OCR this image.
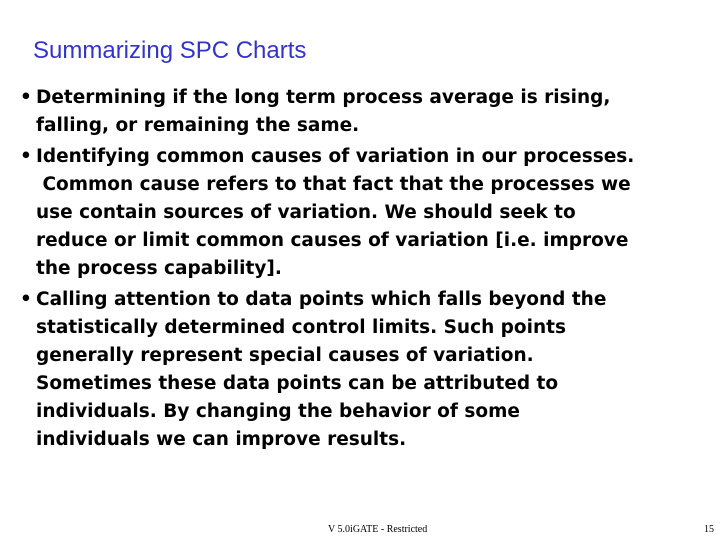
Summarizing SPC Charts
• Determining if the long term process average is rising,
falling, or remaining the same.
• Identifying common causes of variation in our processes.
Common cause refers to that fact that the processes we
use contain sources of variation. We should seek to
reduce or limit common causes of variation [i.e. improve
the process capability].
• Calling attention to data points which falls beyond the
statistically determined control limits. Such points
generally represent special causes of variation.
Sometimes these data points can be attributed to
individuals. By changing the behavior of some
individuals we can improve results.
V 5.0iGATE - Restricted	15
